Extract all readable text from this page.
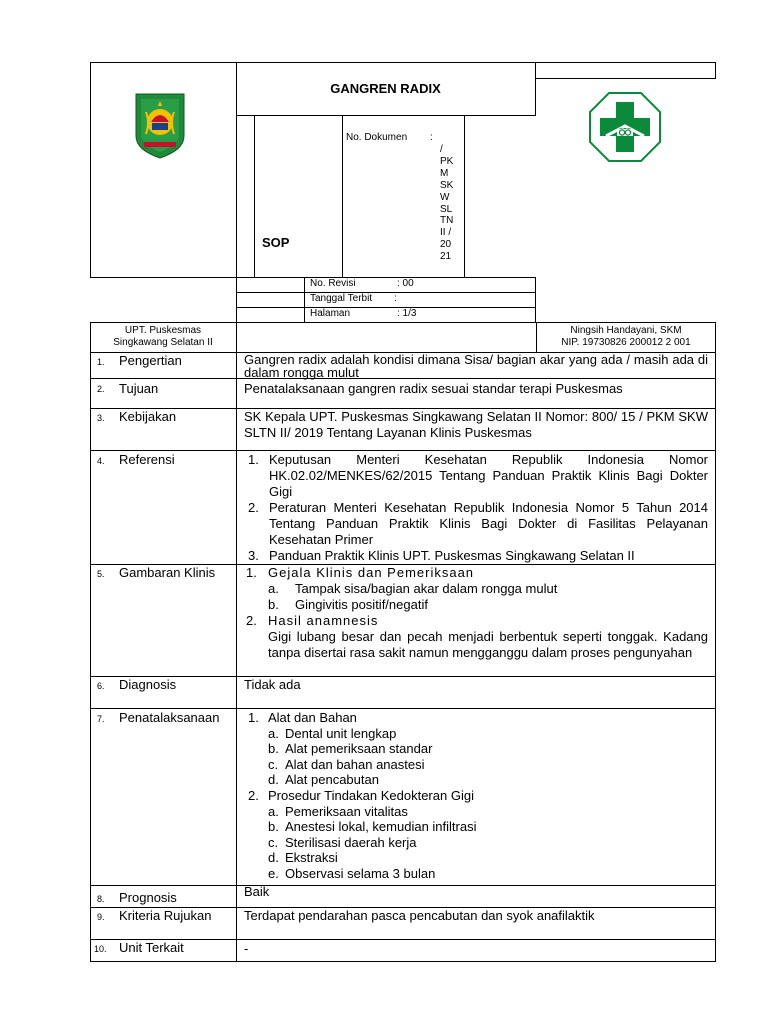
GANGREN RADIX
SOP
No. Dokumen :
/
PK
M
SK
W
SL
TN
II /
20
21
No. Revisi	: 00
Tanggal Terbit :
Halaman	: 1/3
UPT. Puskesmas
Singkawang Selatan II
Ningsih Handayani, SKM
NIP. 19730826 200012 2 001
1. Pengertian	Gangren radix adalah kondisi dimana Sisa/ bagian akar yang ada / masih ada di dalam rongga mulut
2. Tujuan	Penatalaksanaan gangren radix sesuai standar terapi Puskesmas
3. Kebijakan	SK Kepala UPT. Puskesmas Singkawang Selatan II Nomor: 800/ 15 / PKM SKW SLTN II/ 2019 Tentang Layanan Klinis Puskesmas
4. Referensi	1. Keputusan Menteri Kesehatan Republik Indonesia Nomor HK.02.02/MENKES/62/2015 Tentang Panduan Praktik Klinis Bagi Dokter Gigi
2. Peraturan Menteri Kesehatan Republik Indonesia Nomor 5 Tahun 2014 Tentang Panduan Praktik Klinis Bagi Dokter di Fasilitas Pelayanan Kesehatan Primer
3. Panduan Praktik Klinis UPT. Puskesmas Singkawang Selatan II
5. Gambaran Klinis 1. Gejala Klinis dan Pemeriksaan
a. Tampak sisa/bagian akar dalam rongga mulut
b. Gingivitis positif/negatif
2. Hasil anamnesis
Gigi lubang besar dan pecah menjadi berbentuk seperti tonggak. Kadang tanpa disertai rasa sakit namun mengganggu dalam proses pengunyahan
6. Diagnosis	Tidak ada
7. Penatalaksanaan 1. Alat dan Bahan
a. Dental unit lengkap
b. Alat pemeriksaan standar
c. Alat dan bahan anastesi
d. Alat pencabutan
2. Prosedur Tindakan Kedokteran Gigi
a. Pemeriksaan vitalitas
b. Anestesi lokal, kemudian infiltrasi
c. Sterilisasi daerah kerja
d. Ekstraksi
e. Observasi selama 3 bulan
8. Prognosis	Baik
9. Kriteria Rujukan	Terdapat pendarahan pasca pencabutan dan syok anafilaktik
10. Unit Terkait	-
